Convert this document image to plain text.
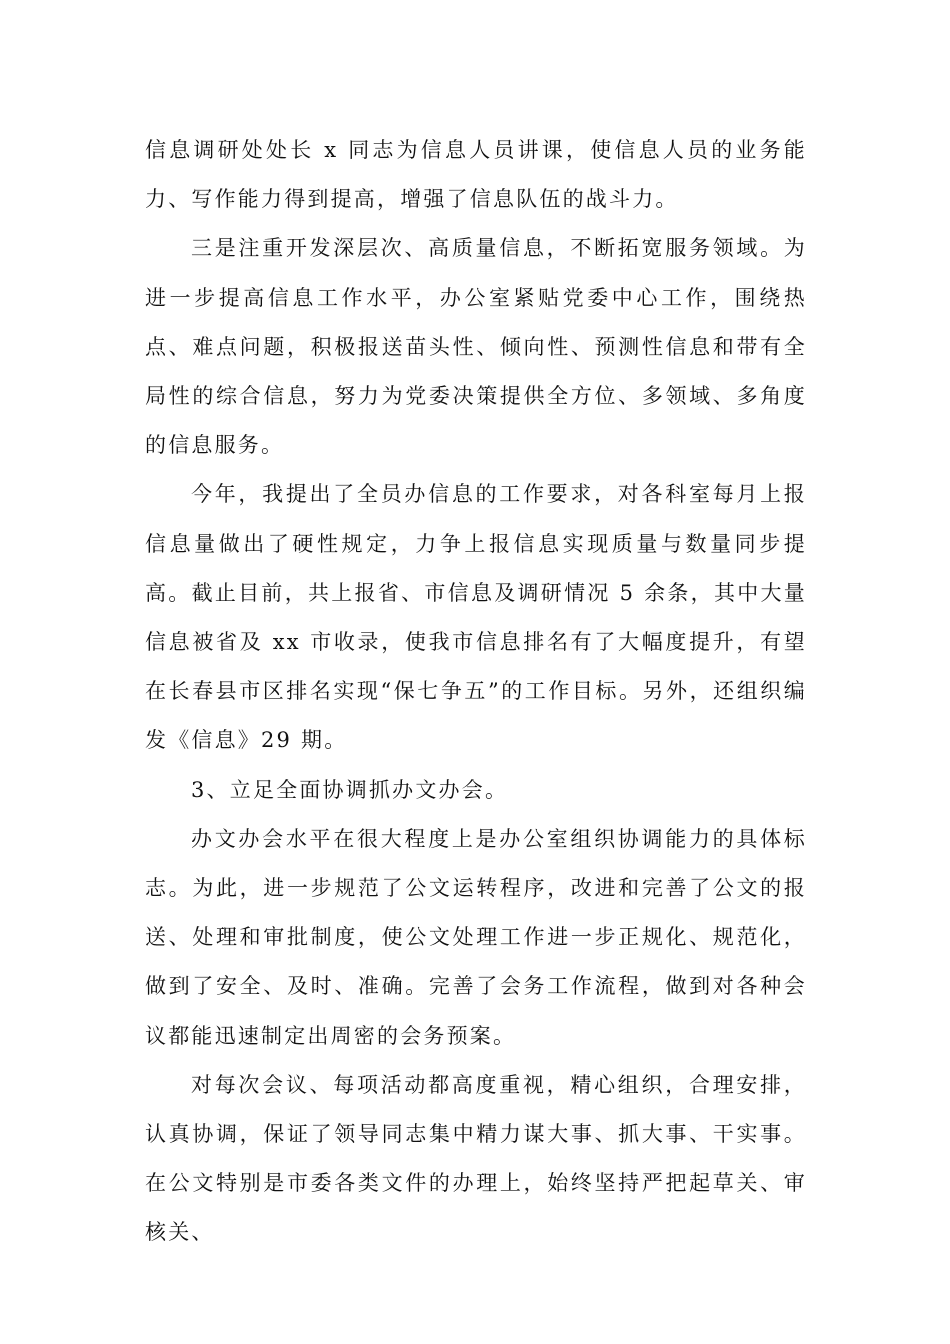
信息调研处处长 x 同志为信息人员讲课，使信息人员的业务能力、写作能力得到提高，增强了信息队伍的战斗力。

三是注重开发深层次、高质量信息，不断拓宽服务领域。为进一步提高信息工作水平，办公室紧贴党委中心工作，围绕热点、难点问题，积极报送苗头性、倾向性、预测性信息和带有全局性的综合信息，努力为党委决策提供全方位、多领域、多角度的信息服务。

今年，我提出了全员办信息的工作要求，对各科室每月上报信息量做出了硬性规定，力争上报信息实现质量与数量同步提高。截止目前，共上报省、市信息及调研情况 5 余条，其中大量信息被省及 xx 市收录，使我市信息排名有了大幅度提升，有望在长春县市区排名实现“保七争五”的工作目标。另外，还组织编发《信息》29 期。

3、立足全面协调抓办文办会。

办文办会水平在很大程度上是办公室组织协调能力的具体标志。为此，进一步规范了公文运转程序，改进和完善了公文的报送、处理和审批制度，使公文处理工作进一步正规化、规范化，做到了安全、及时、准确。完善了会务工作流程，做到对各种会议都能迅速制定出周密的会务预案。

对每次会议、每项活动都高度重视，精心组织，合理安排，认真协调，保证了领导同志集中精力谋大事、抓大事、干实事。在公文特别是市委各类文件的办理上，始终坚持严把起草关、审核关、
